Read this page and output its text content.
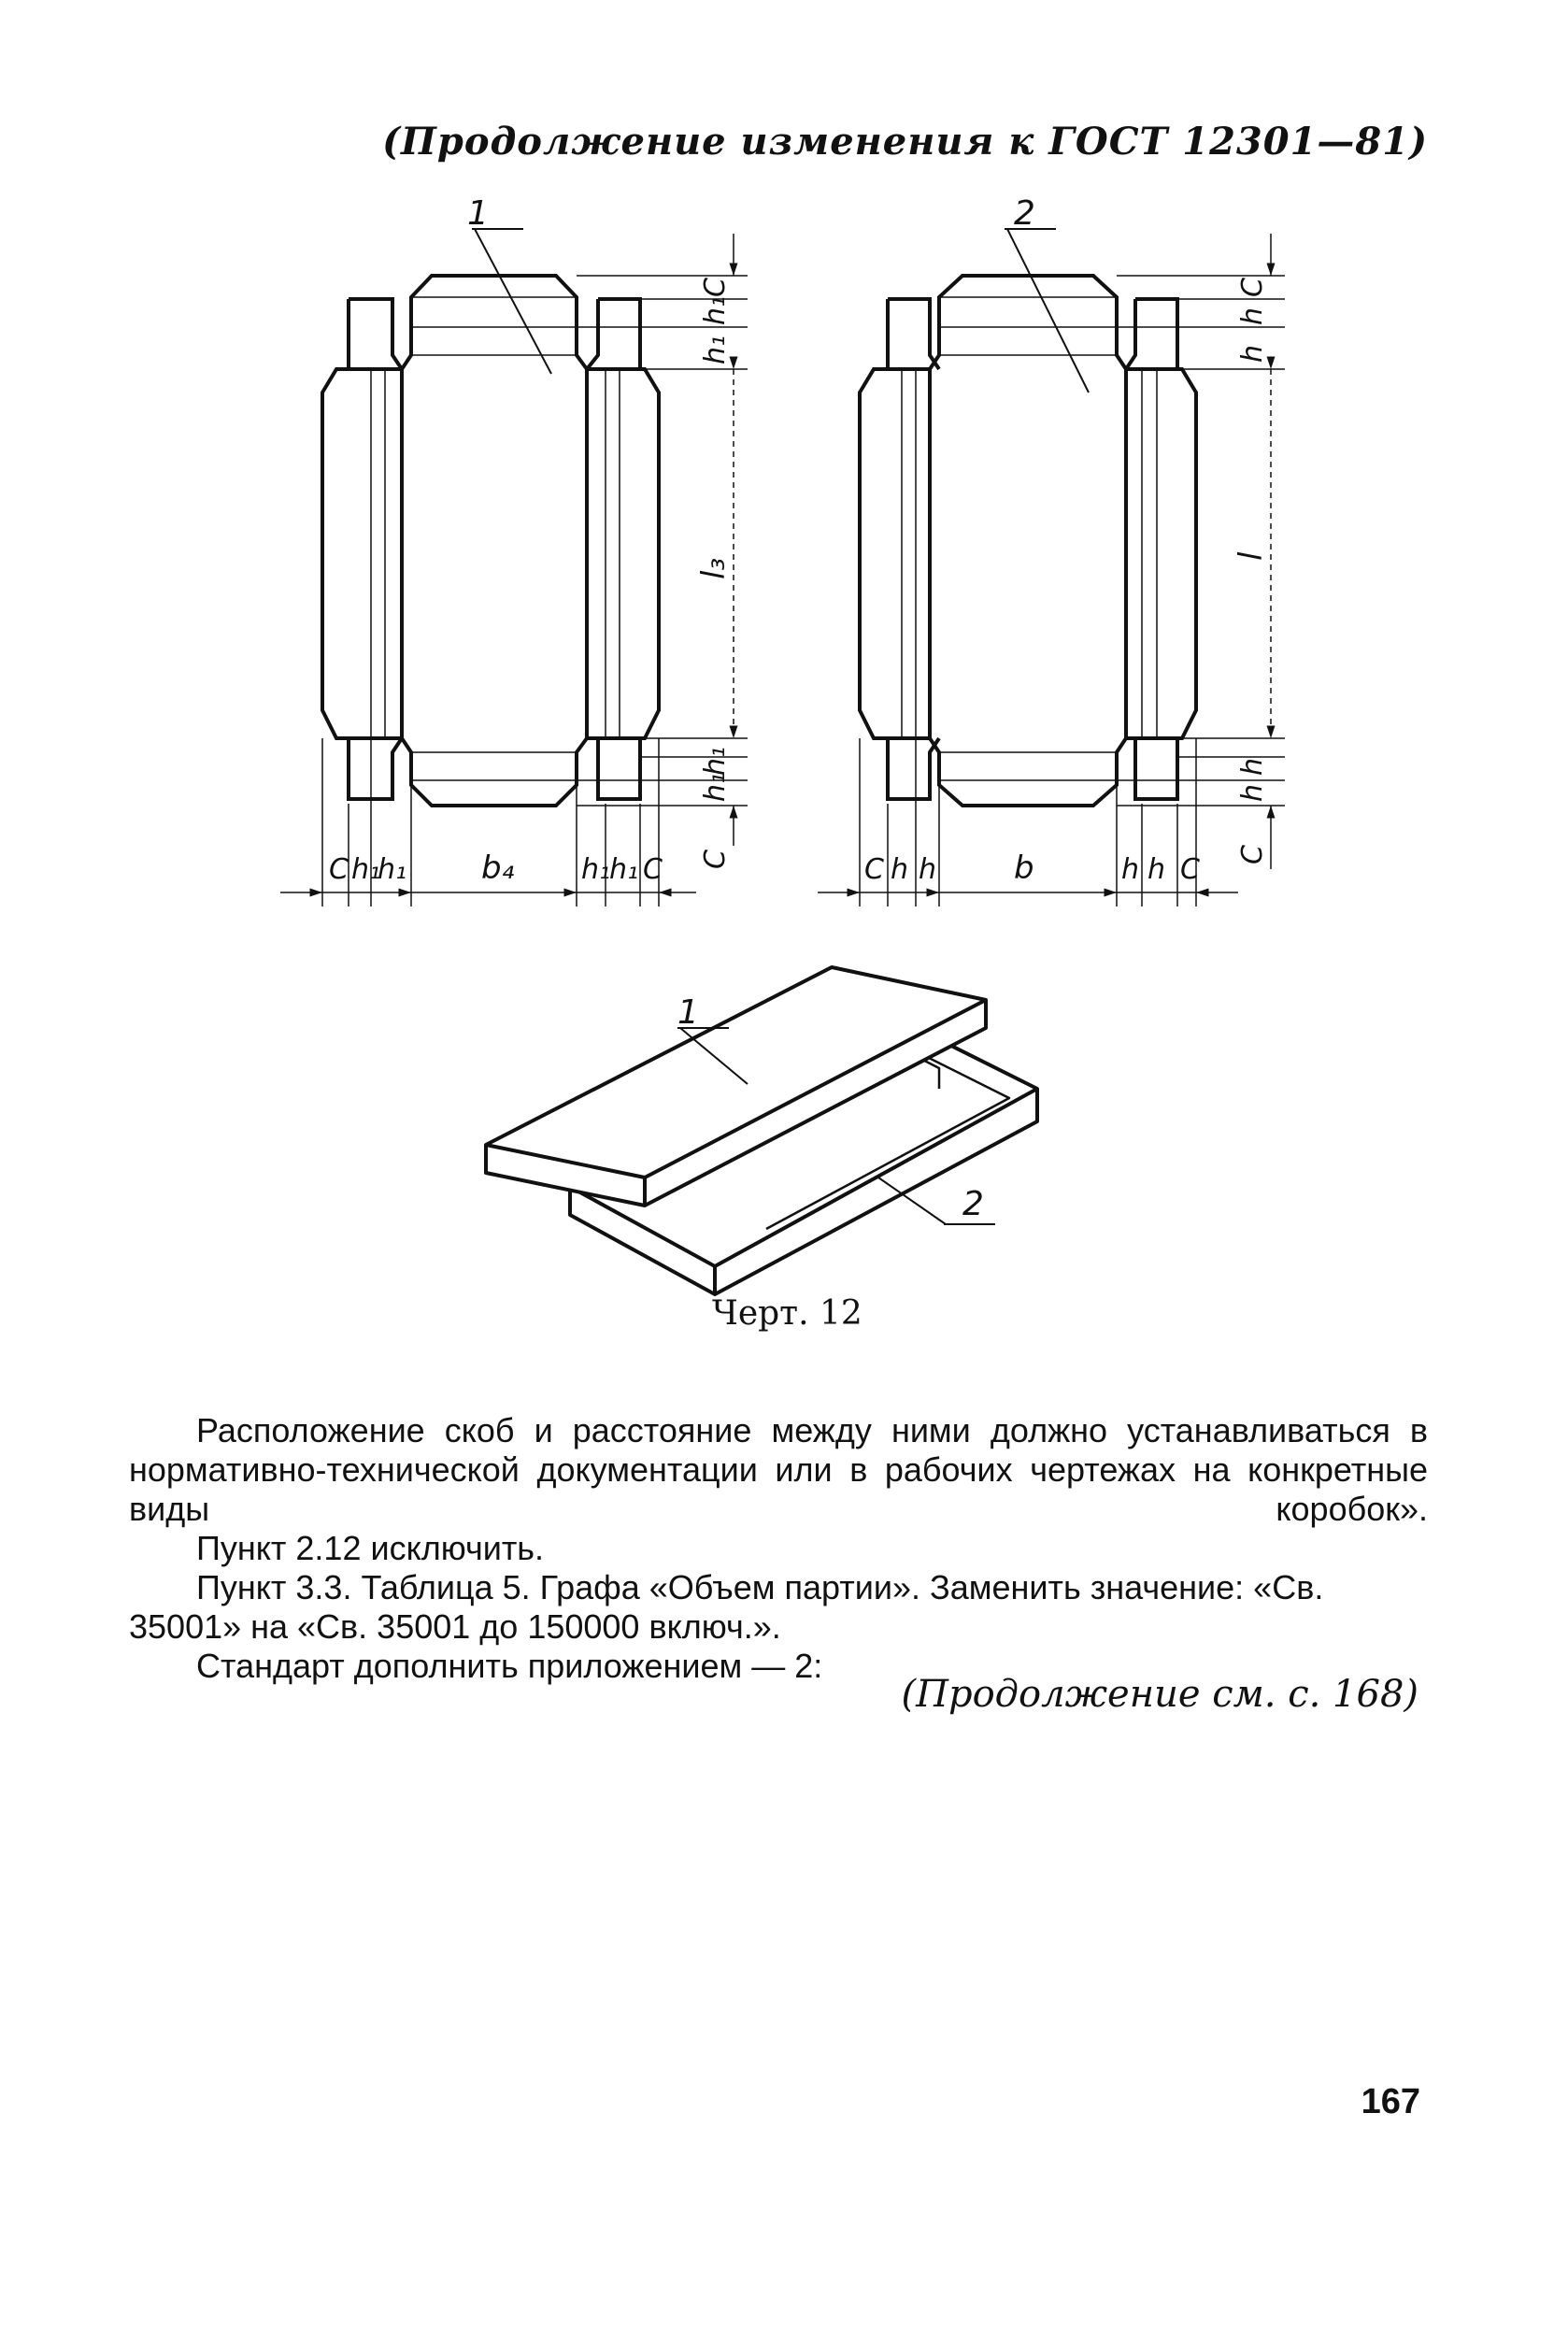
(Продолжение изменения к ГОСТ 12301—81)
1
C h₁
h₁ b₄ h₁
h₁ C
C
h₁
h₁
l₃
h₁
h₁
C
2
C h h b	h h C
C
h
h
l
h
h
C
1
2
Черт. 12

Расположение скоб и расстояние между ними должно устанавливаться в нормативно-технической документации или в рабочих чертежах на конкретные виды коробок».

Пункт 2.12 исключить.

Пункт 3.3. Таблица 5. Графа «Объем партии». Заменить значение: «Св. 35001» на «Св. 35001 до 150000 включ.».

Стандарт дополнить приложением — 2:

(Продолжение см. с. 168)
167
